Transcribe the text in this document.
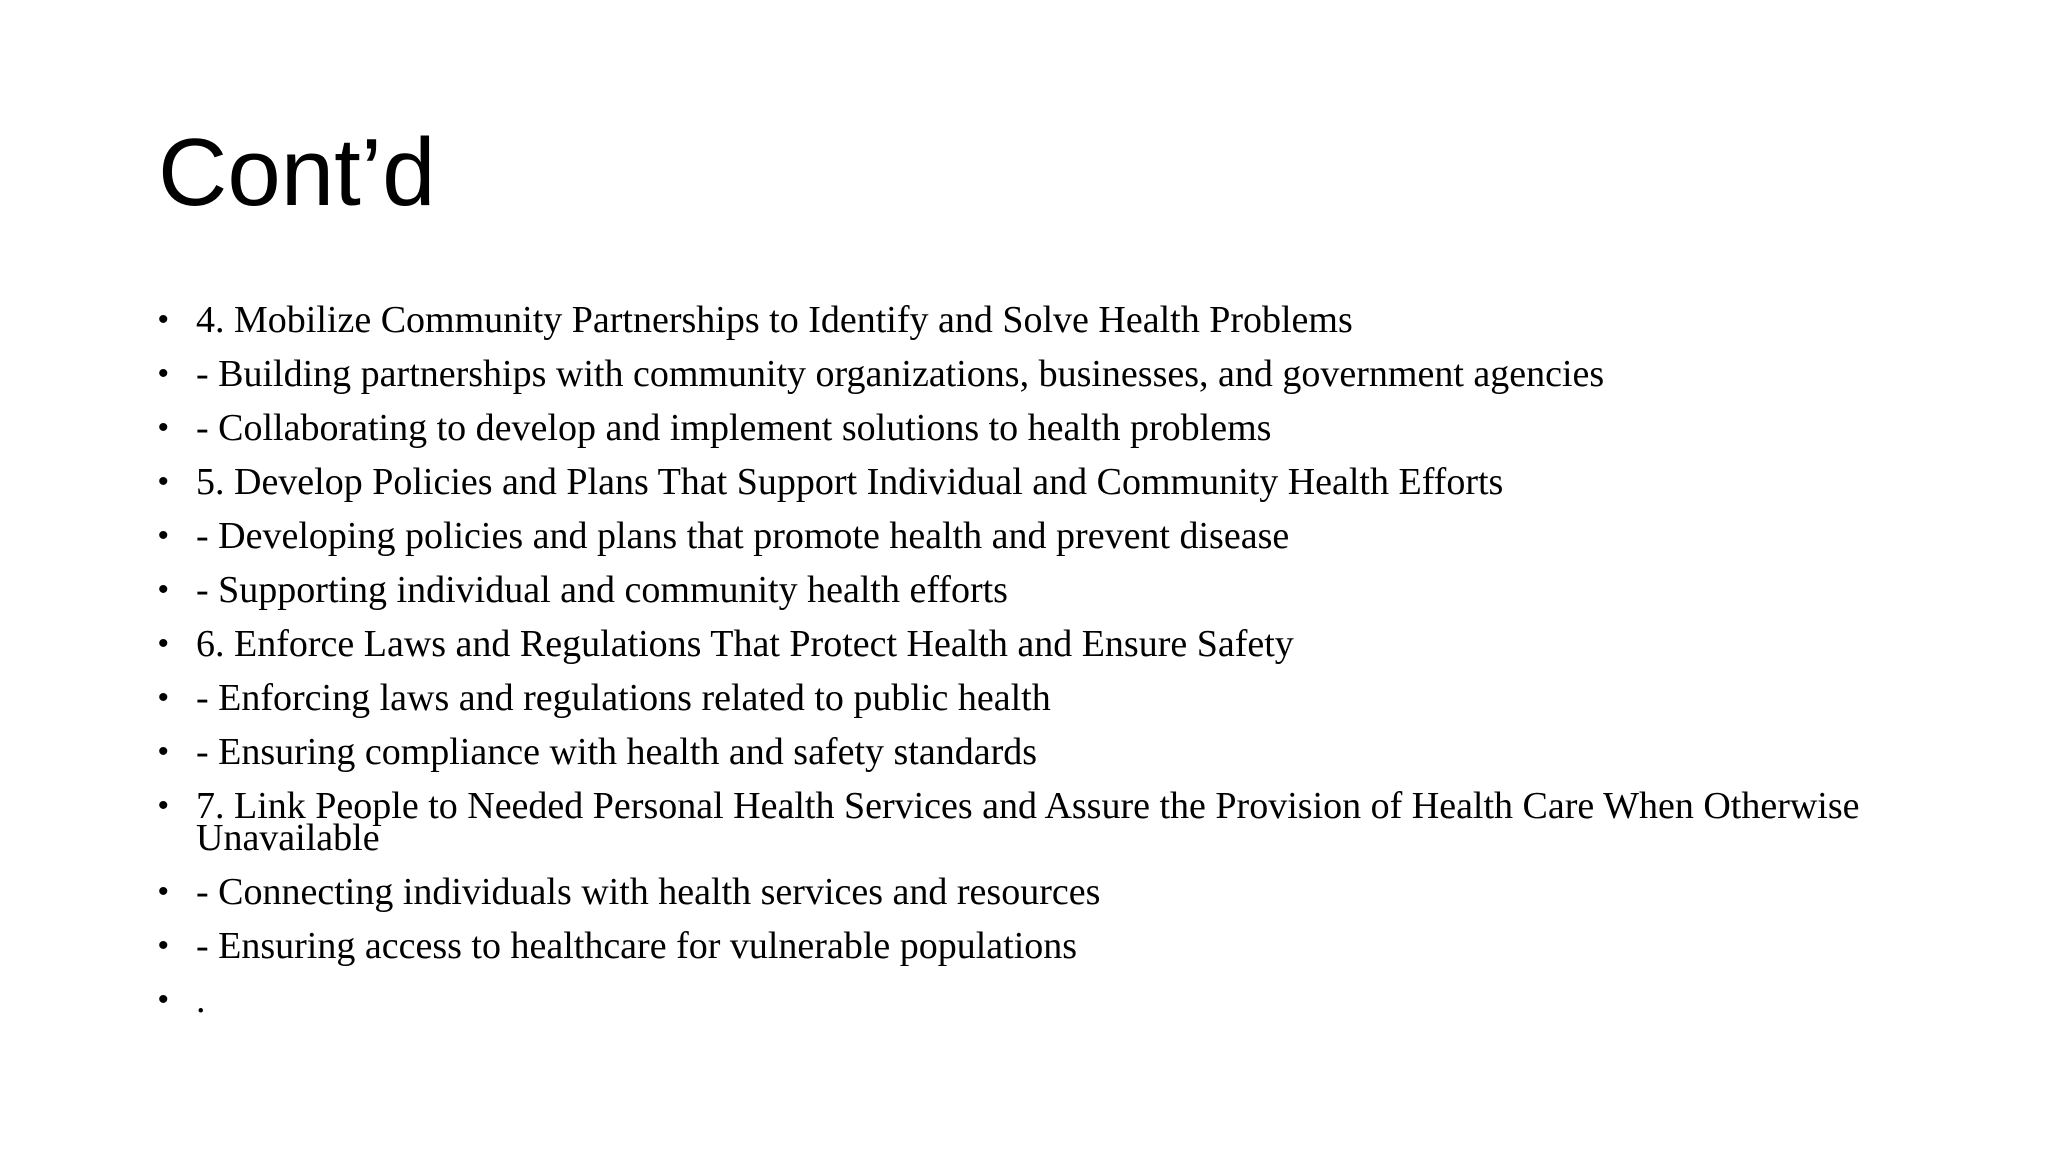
Cont’d
• 4. Mobilize Community Partnerships to Identify and Solve Health Problems
• - Building partnerships with community organizations, businesses, and government agencies
• - Collaborating to develop and implement solutions to health problems
• 5. Develop Policies and Plans That Support Individual and Community Health Efforts
• - Developing policies and plans that promote health and prevent disease
• - Supporting individual and community health efforts
• 6. Enforce Laws and Regulations That Protect Health and Ensure Safety
• - Enforcing laws and regulations related to public health
• - Ensuring compliance with health and safety standards
• 7. Link People to Needed Personal Health Services and Assure the Provision of Health Care When Otherwise Unavailable
• - Connecting individuals with health services and resources
• - Ensuring access to healthcare for vulnerable populations
• .
